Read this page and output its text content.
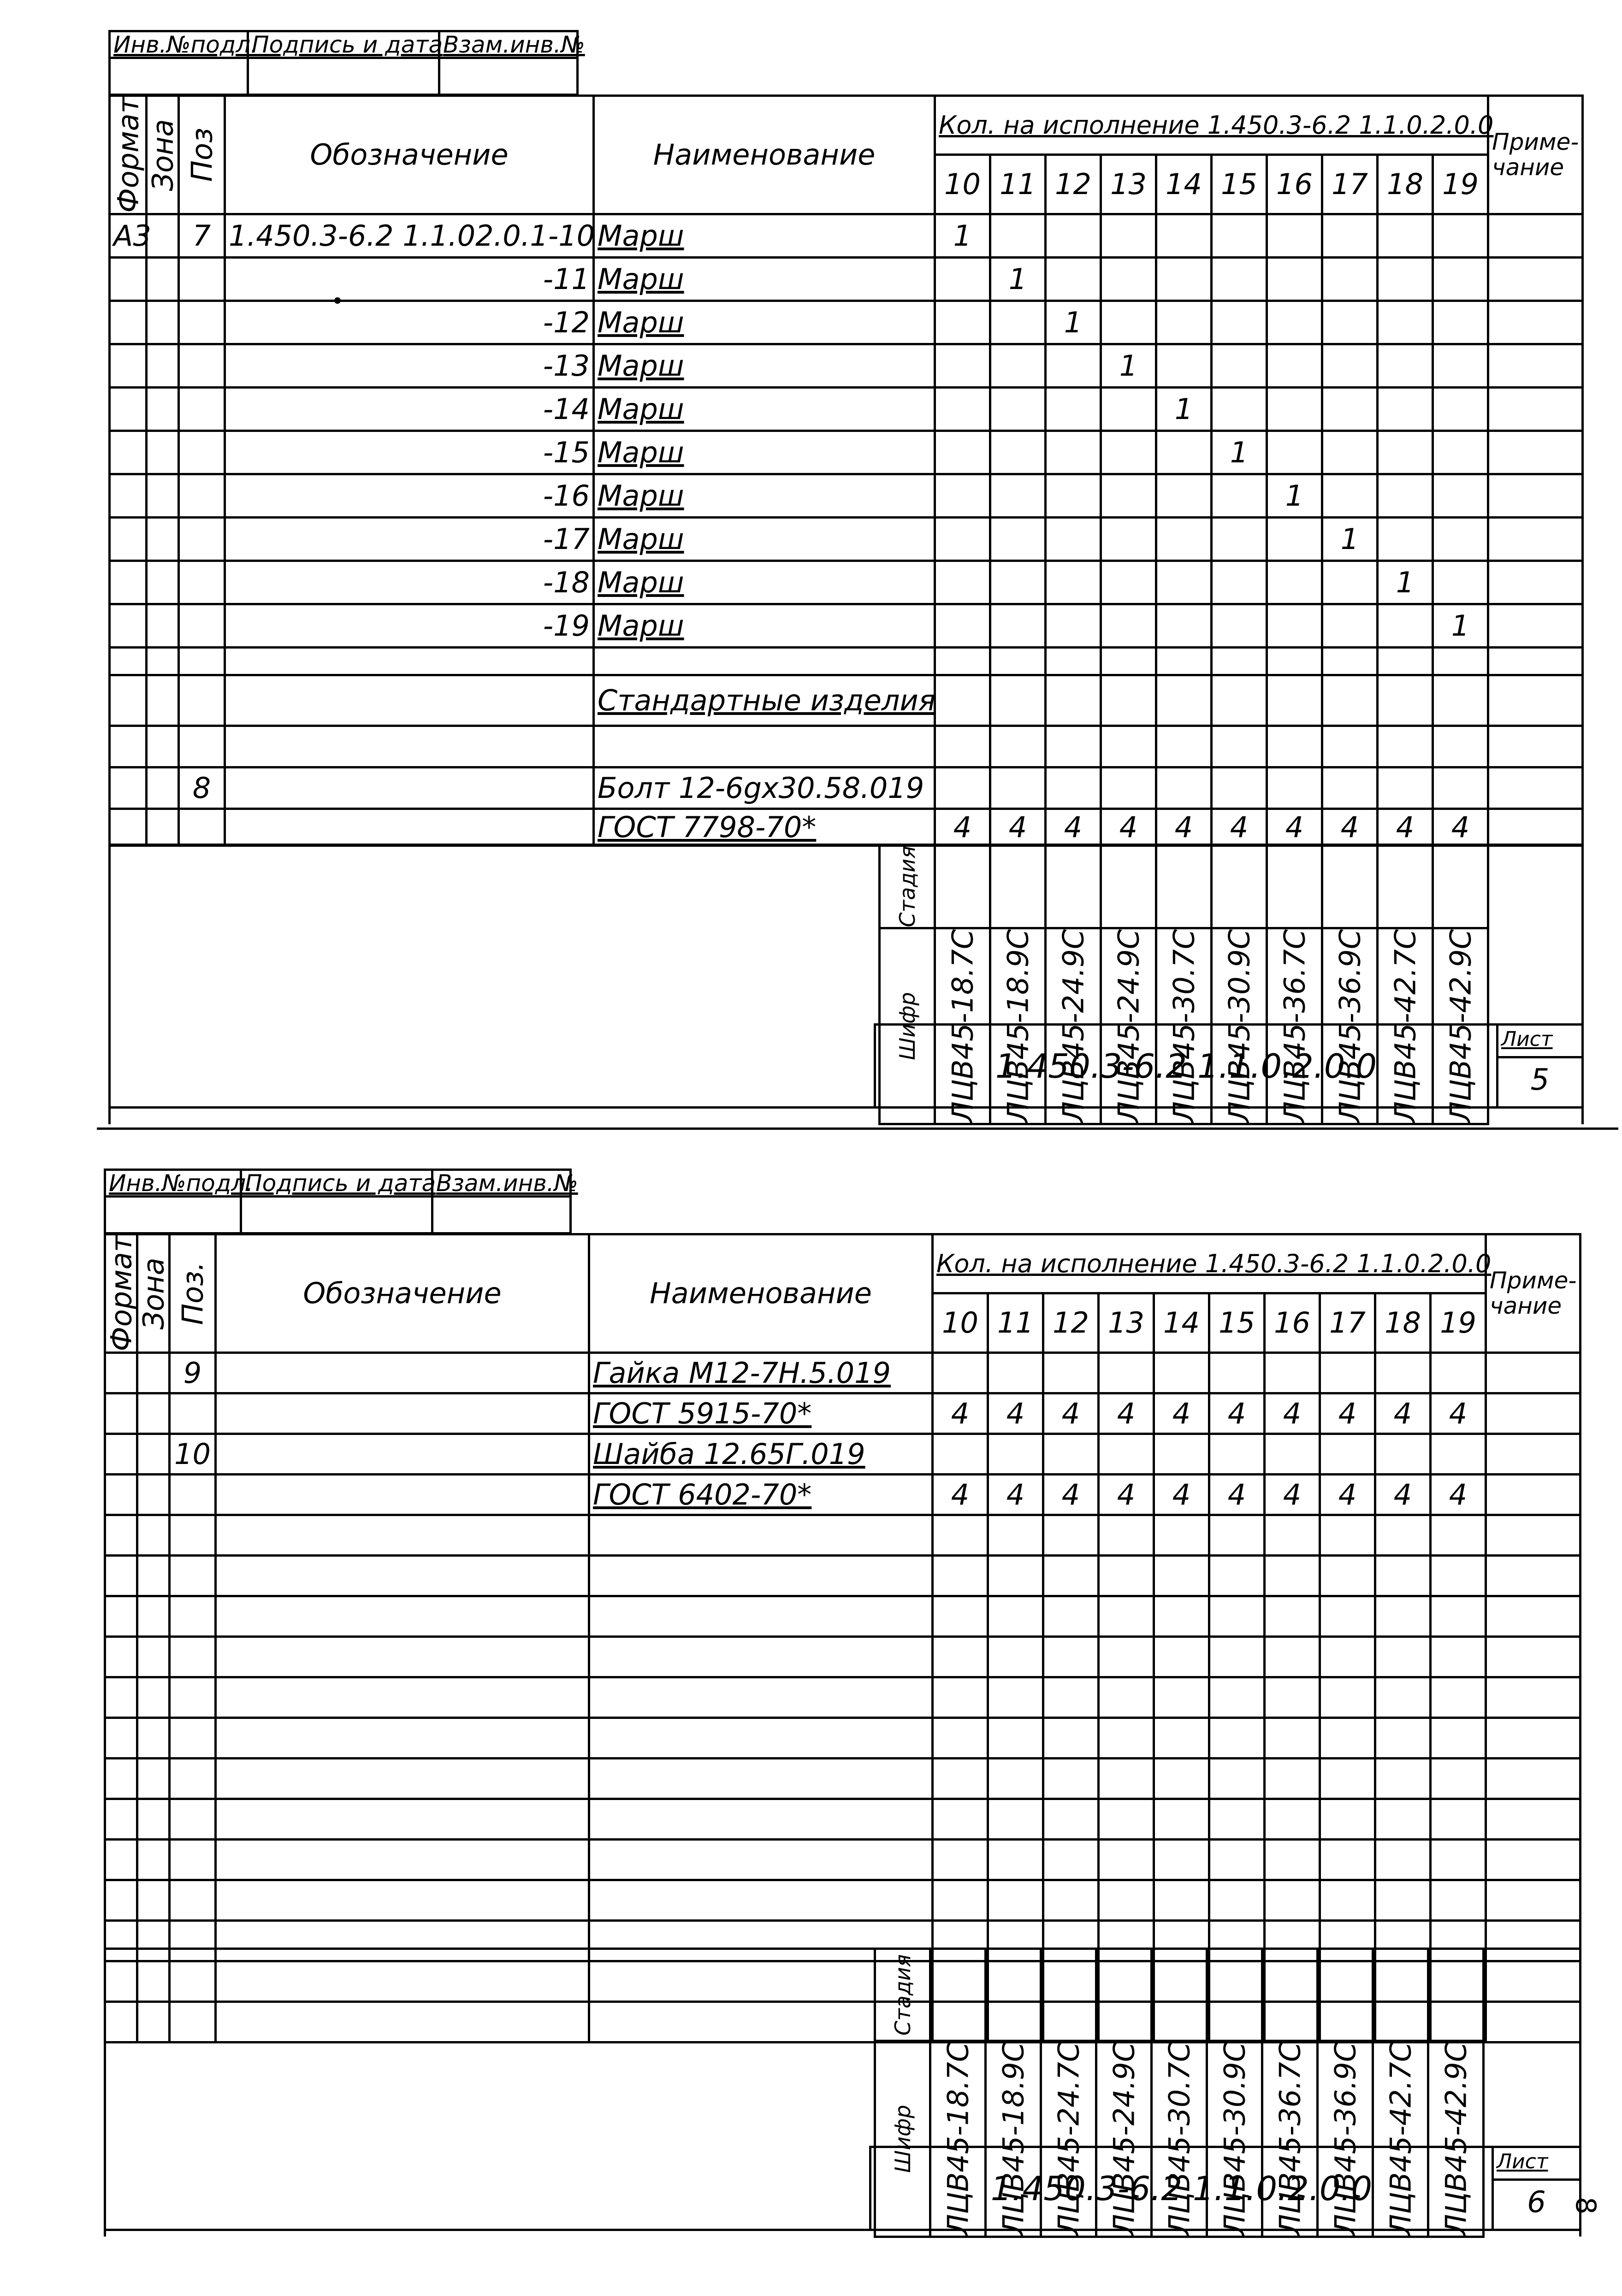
Инв.№подл.	Подпись и дата	Взам.инв.№

Формат	Зона	Поз	Обозначение	Наименование	Кол. на исполнение 1.450.3-6.2 1.1.0.2.0.0										Приме-чание
					10	11	12	13	14	15	16	17	18	19	
А3		7	1.450.3-6.2 1.1.02.0.1-10	Марш	1										
			-11	Марш		1									
			-12	Марш			1								
			-13	Марш				1							
			-14	Марш					1						
			-15	Марш						1					
			-16	Марш							1				
			-17	Марш								1			
			-18	Марш									1		
			-19	Марш										1	

				Стандартные изделия											

		8		Болт 12-6gx30.58.019											
				ГОСТ 7798-70*	4	4	4	4	4	4	4	4	4	4	
	Стадия											
	Шифр	ЛЦВ45-18.7С	ЛЦВ45-18.9С	ЛЦВ45-24.9С	ЛЦВ45-24.9С	ЛЦВ45-30.7С	ЛЦВ45-30.9С	ЛЦВ45-36.7С	ЛЦВ45-36.9С	ЛЦВ45-42.7С	ЛЦВ45-42.9С	
	1.450.3-6.2 1.1.0.2.0.0	
Лист
5
Инв.№подл.	Подпись и дата	Взам.инв.№

Формат	Зона	Поз.	Обозначение	Наименование	Кол. на исполнение 1.450.3-6.2 1.1.0.2.0.0										Приме-чание
					10	11	12	13	14	15	16	17	18	19	
		9		Гайка М12-7Н.5.019											
				ГОСТ 5915-70*	4	4	4	4	4	4	4	4	4	4	
		10		Шайба 12.65Г.019											
				ГОСТ 6402-70*	4	4	4	4	4	4	4	4	4	4	

	Стадия											
	Шифр	ЛЦВ45-18.7С	ЛЦВ45-18.9С	ЛЦВ45-24.7С	ЛЦВ45-24.9С	ЛЦВ45-30.7С	ЛЦВ45-30.9С	ЛЦВ45-36.7С	ЛЦВ45-36.9С	ЛЦВ45-42.7С	ЛЦВ45-42.9С	
	1.450.3-6.2 1.1.0.2.0.0	
Лист
6 8
